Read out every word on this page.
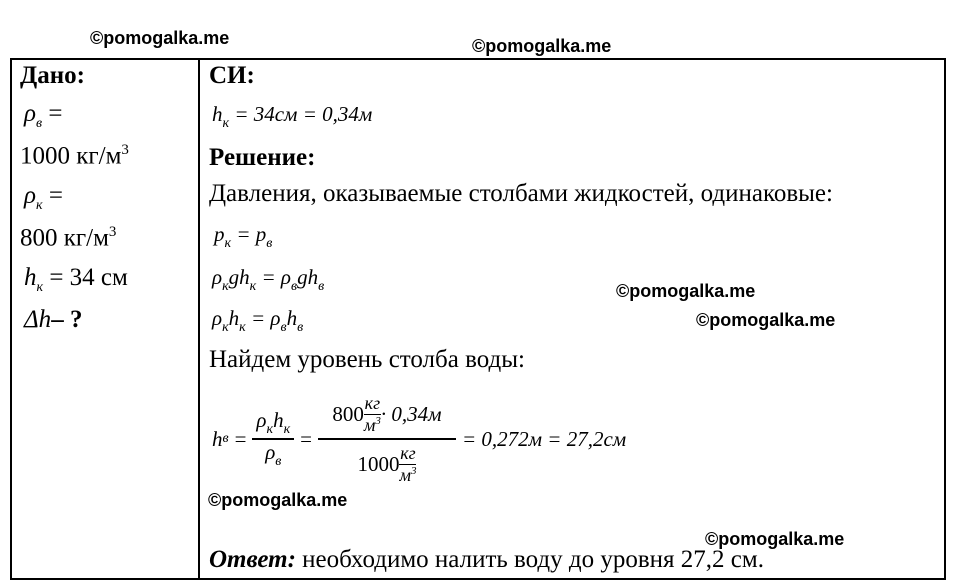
©pomogalka.me	©pomogalka.me
©pomogalka.me
©pomogalka.me
©pomogalka.me
©pomogalka.me
Дано:
$\rho_в$ =
1000 $кг/м^3$
$\rho_к$ =
800 $кг/м^3$
$h_к = 34$ см
Δh– ?
СИ:
$h_к = 34см = 0,34м$
Решение:
Давления, оказываемые столбами жидкостей, одинаковые:
$p_к = p_в$
$\rho_кgh_к = \rho_вgh_в$
$\rho_кh_к = \rho_вh_в$
Найдем уровень столба воды:
h $в = \frac{\rho_кh_к}{\rho_в} = \frac{800 \frac{кг}{м^3} \cdot 0,34м}{1000 \frac{кг}{м^3}} = 0,272м = 27,2см$
Ответ: необходимо налить воду до уровня 27,2 см.
